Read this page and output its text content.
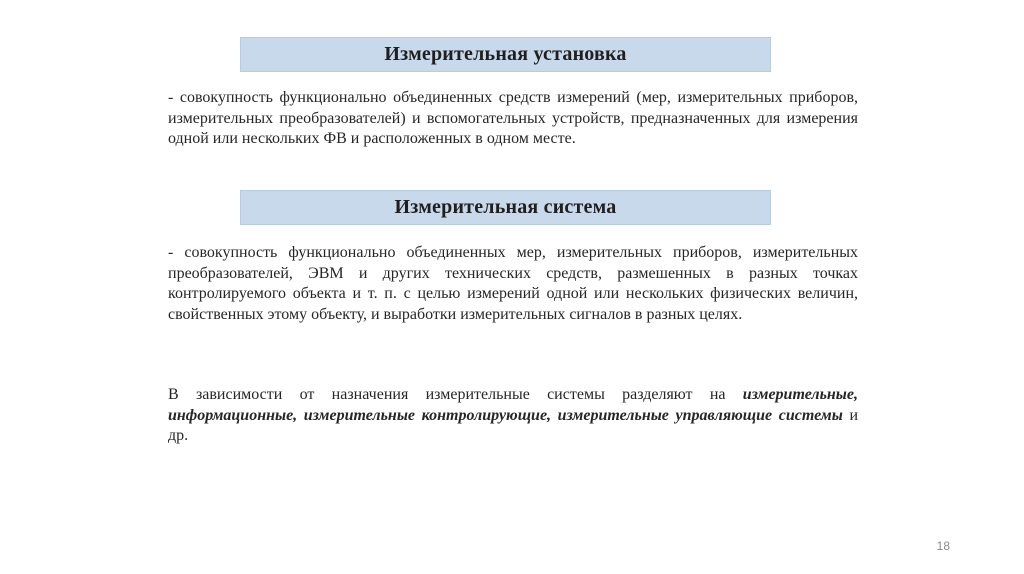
Измерительная установка
- совокупность функционально объединенных средств измерений (мер, измерительных приборов, измерительных преобразователей) и вспомогательных устройств, предназначенных для измерения одной или нескольких ФВ и расположенных в одном месте.
Измерительная система
- совокупность функционально объединенных мер, измерительных приборов, измерительных преобразователей, ЭВМ и других технических средств, размешенных в разных точках контролируемого объекта и т. п. с целью измерений одной или нескольких физических величин, свойственных этому объекту, и выработки измерительных сигналов в разных целях.
В зависимости от назначения измерительные системы разделяют на измерительные, информационные, измерительные контролирующие, измерительные управляющие системы и др.
18
